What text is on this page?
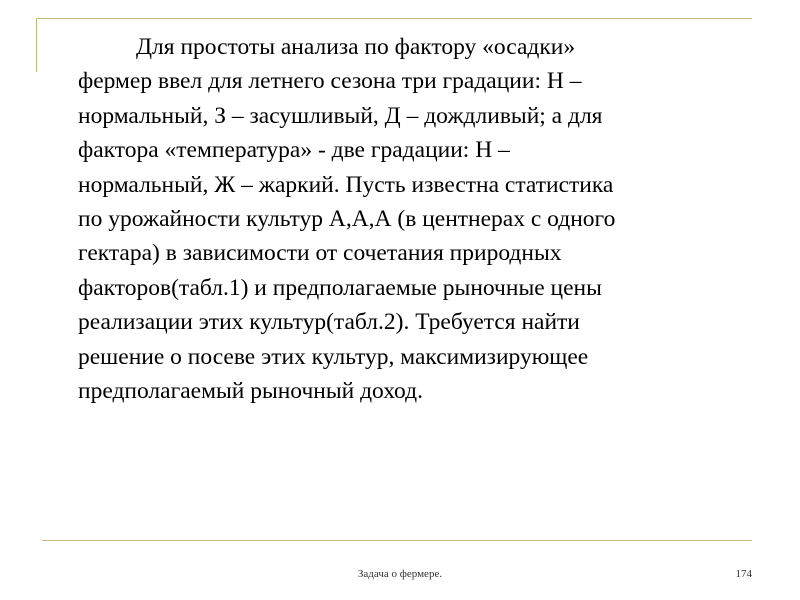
Для простоты анализа по фактору «осадки»
фермер ввел для летнего сезона три градации: Н –
нормальный, З – засушливый, Д – дождливый; а для
фактора «температура» - две градации: Н –
нормальный, Ж – жаркий. Пусть известна статистика
по урожайности культур А,А,А (в центнерах с одного
гектара) в зависимости от сочетания природных
факторов(табл.1) и предполагаемые рыночные цены
реализации этих культур(табл.2). Требуется найти
решение о посеве этих культур, максимизирующее
предполагаемый рыночный доход.

Задача о фермере.	174
